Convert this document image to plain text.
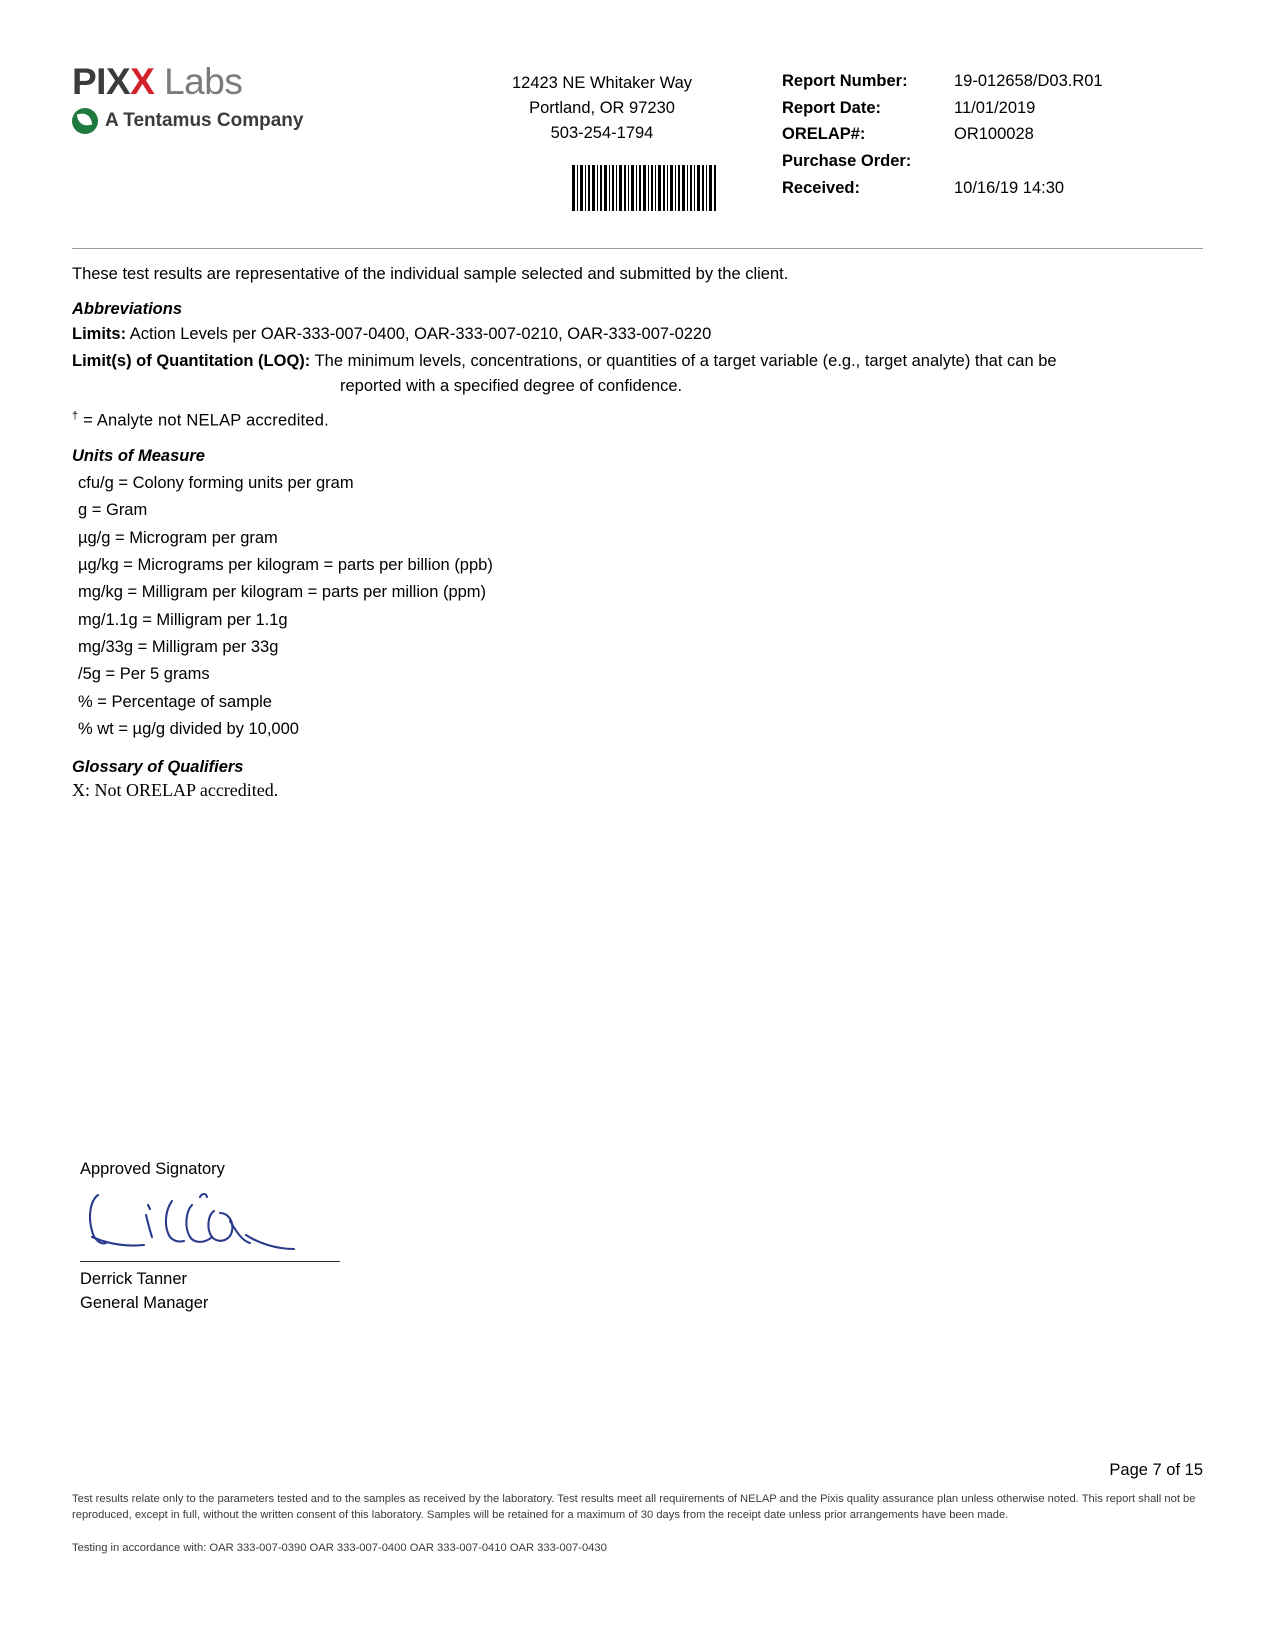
PIXX Labs
A Tentamus Company
12423 NE Whitaker Way
Portland, OR 97230
503-254-1794
Report Number:	19-012658/D03.R01
Report Date:	11/01/2019
ORELAP#:	OR100028
Purchase Order:
Received:	10/16/19 14:30
These test results are representative of the individual sample selected and submitted by the client.
Abbreviations
Limits: Action Levels per OAR-333-007-0400, OAR-333-007-0210, OAR-333-007-0220
Limit(s) of Quantitation (LOQ): The minimum levels, concentrations, or quantities of a target variable (e.g., target analyte) that can be
reported with a specified degree of confidence.
† = Analyte not NELAP accredited.
Units of Measure
cfu/g = Colony forming units per gram
g = Gram
µg/g = Microgram per gram
µg/kg = Micrograms per kilogram = parts per billion (ppb)
mg/kg = Milligram per kilogram = parts per million (ppm)
mg/1.1g = Milligram per 1.1g
mg/33g = Milligram per 33g
/5g = Per 5 grams
% = Percentage of sample
% wt = µg/g divided by 10,000
Glossary of Qualifiers
X: Not ORELAP accredited.
Approved Signatory
Derrick Tanner
General Manager
Page 7 of 15
Test results relate only to the parameters tested and to the samples as received by the laboratory. Test results meet all requirements of NELAP and the Pixis quality assurance plan unless otherwise noted. This report shall not be reproduced, except in full, without the written consent of this laboratory. Samples will be retained for a maximum of 30 days from the receipt date unless prior arrangements have been made.
Testing in accordance with: OAR 333-007-0390 OAR 333-007-0400 OAR 333-007-0410 OAR 333-007-0430
